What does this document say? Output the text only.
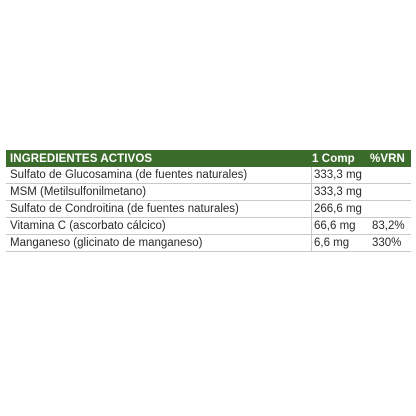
INGREDIENTES ACTIVOS	1 Comp	%VRN
Sulfato de Glucosamina (de fuentes naturales)	333,3 mg
MSM (Metilsulfonilmetano)	333,3 mg
Sulfato de Condroitina (de fuentes naturales)	266,6 mg
Vitamina C (ascorbato cálcico)	66,6 mg	83,2%
Manganeso (glicinato de manganeso)	6,6 mg	330%
